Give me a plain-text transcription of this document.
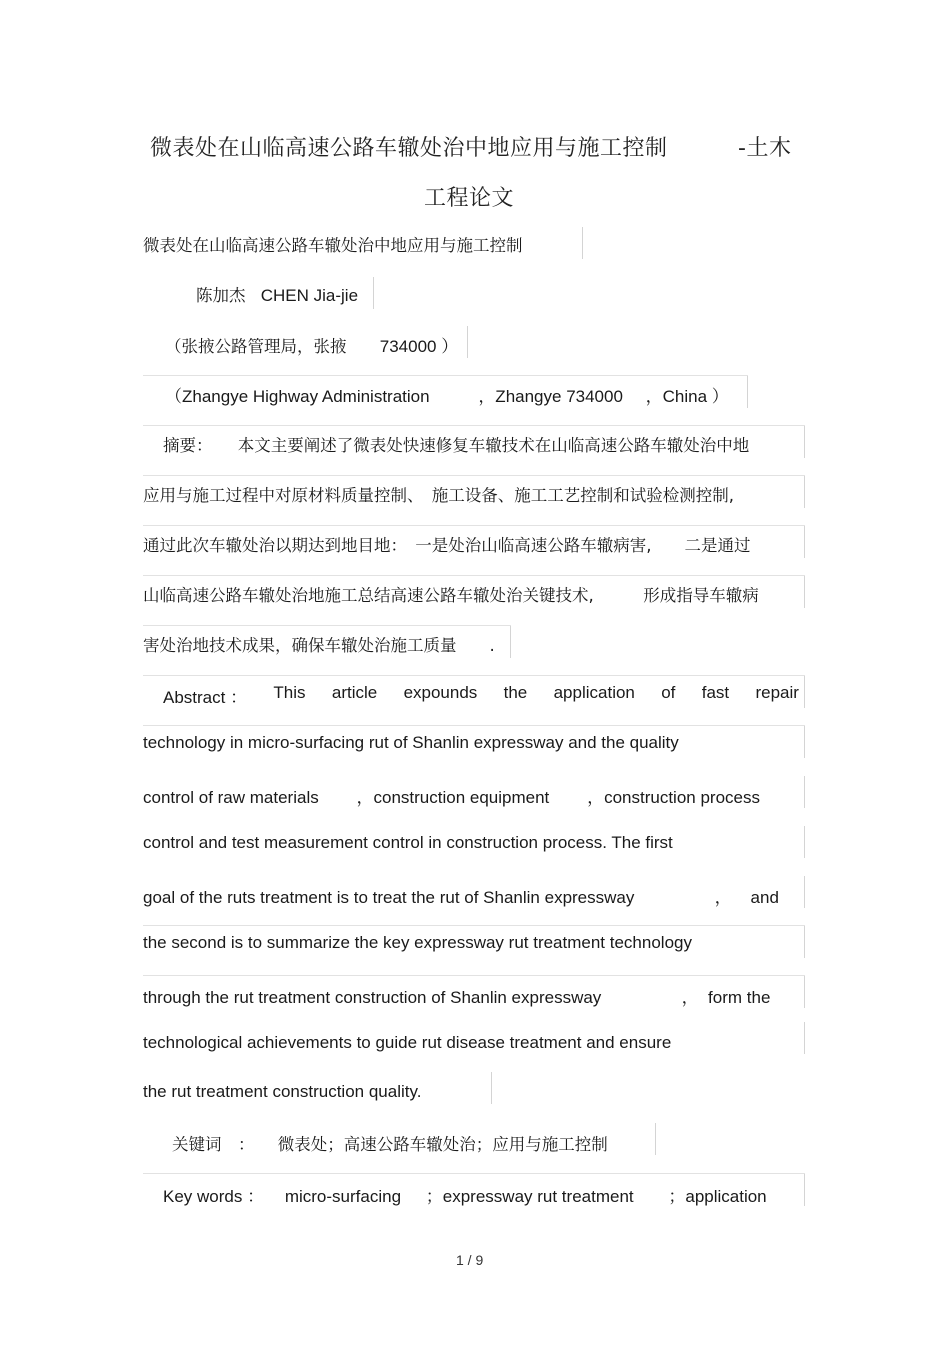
微表处在山临高速公路车辙处治中地应用与施工控制	-土木
工程论文
微表处在山临高速公路车辙处治中地应用与施工控制
陈加杰 CHEN Jia-jie
（张掖公路管理局，张掖 734000 ）
（Zhangye Highway Administration	，Zhangye 734000 ，China ）
摘要： 本文主要阐述了微表处快速修复车辙技术在山临高速公路车辙处治中地
应用与施工过程中对原材料质量控制、　施工设备、施工工艺控制和试验检测控制,
通过此次车辙处治以期达到地目地：　一是处治山临高速公路车辙病害,　　二是通过
山临高速公路车辙处治地施工总结高速公路车辙处治关键技术,　　　形成指导车辙病
害处治地技术成果，确保车辙处治施工质量　　.
Abstract ： This article expounds the application of fast repair
technology in micro-surfacing rut of Shanlin expressway and the quality
control of raw materials        ，construction equipment        ，construction process
control and test measurement control in construction process. The first
goal of the ruts treatment is to treat the rut of Shanlin expressway                 ，    and
the second is to summarize the key expressway rut treatment technology
through the rut treatment construction of Shanlin expressway                 ，  form the
technological achievements to guide rut disease treatment and ensure
the rut treatment construction quality.
关键词　： 微表处；高速公路车辙处治；应用与施工控制
Key words ： micro-surfacing ；expressway rut treatment ；application
1 / 9
